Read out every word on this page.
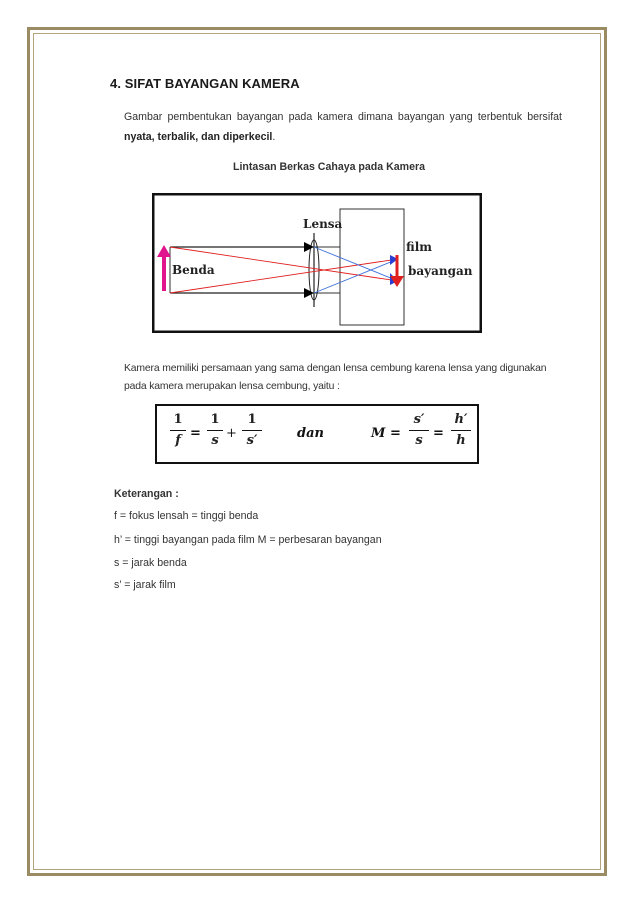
4. SIFAT BAYANGAN KAMERA
Gambar pembentukan bayangan pada kamera dimana bayangan yang terbentuk bersifat
nyata, terbalik, dan diperkecil.
Lintasan Berkas Cahaya pada Kamera
Lensa
Benda
film
bayangan
Kamera memiliki persamaan yang sama dengan lensa cembung karena lensa yang digunakan
pada kamera merupakan lensa cembung, yaitu :
1
f =
1
s +
1
s′	dan	M =
s′
s =
h′
h
Keterangan :
f = fokus lensah = tinggi benda
h’ = tinggi bayangan pada film M = perbesaran bayangan
s = jarak benda
s’ = jarak film
